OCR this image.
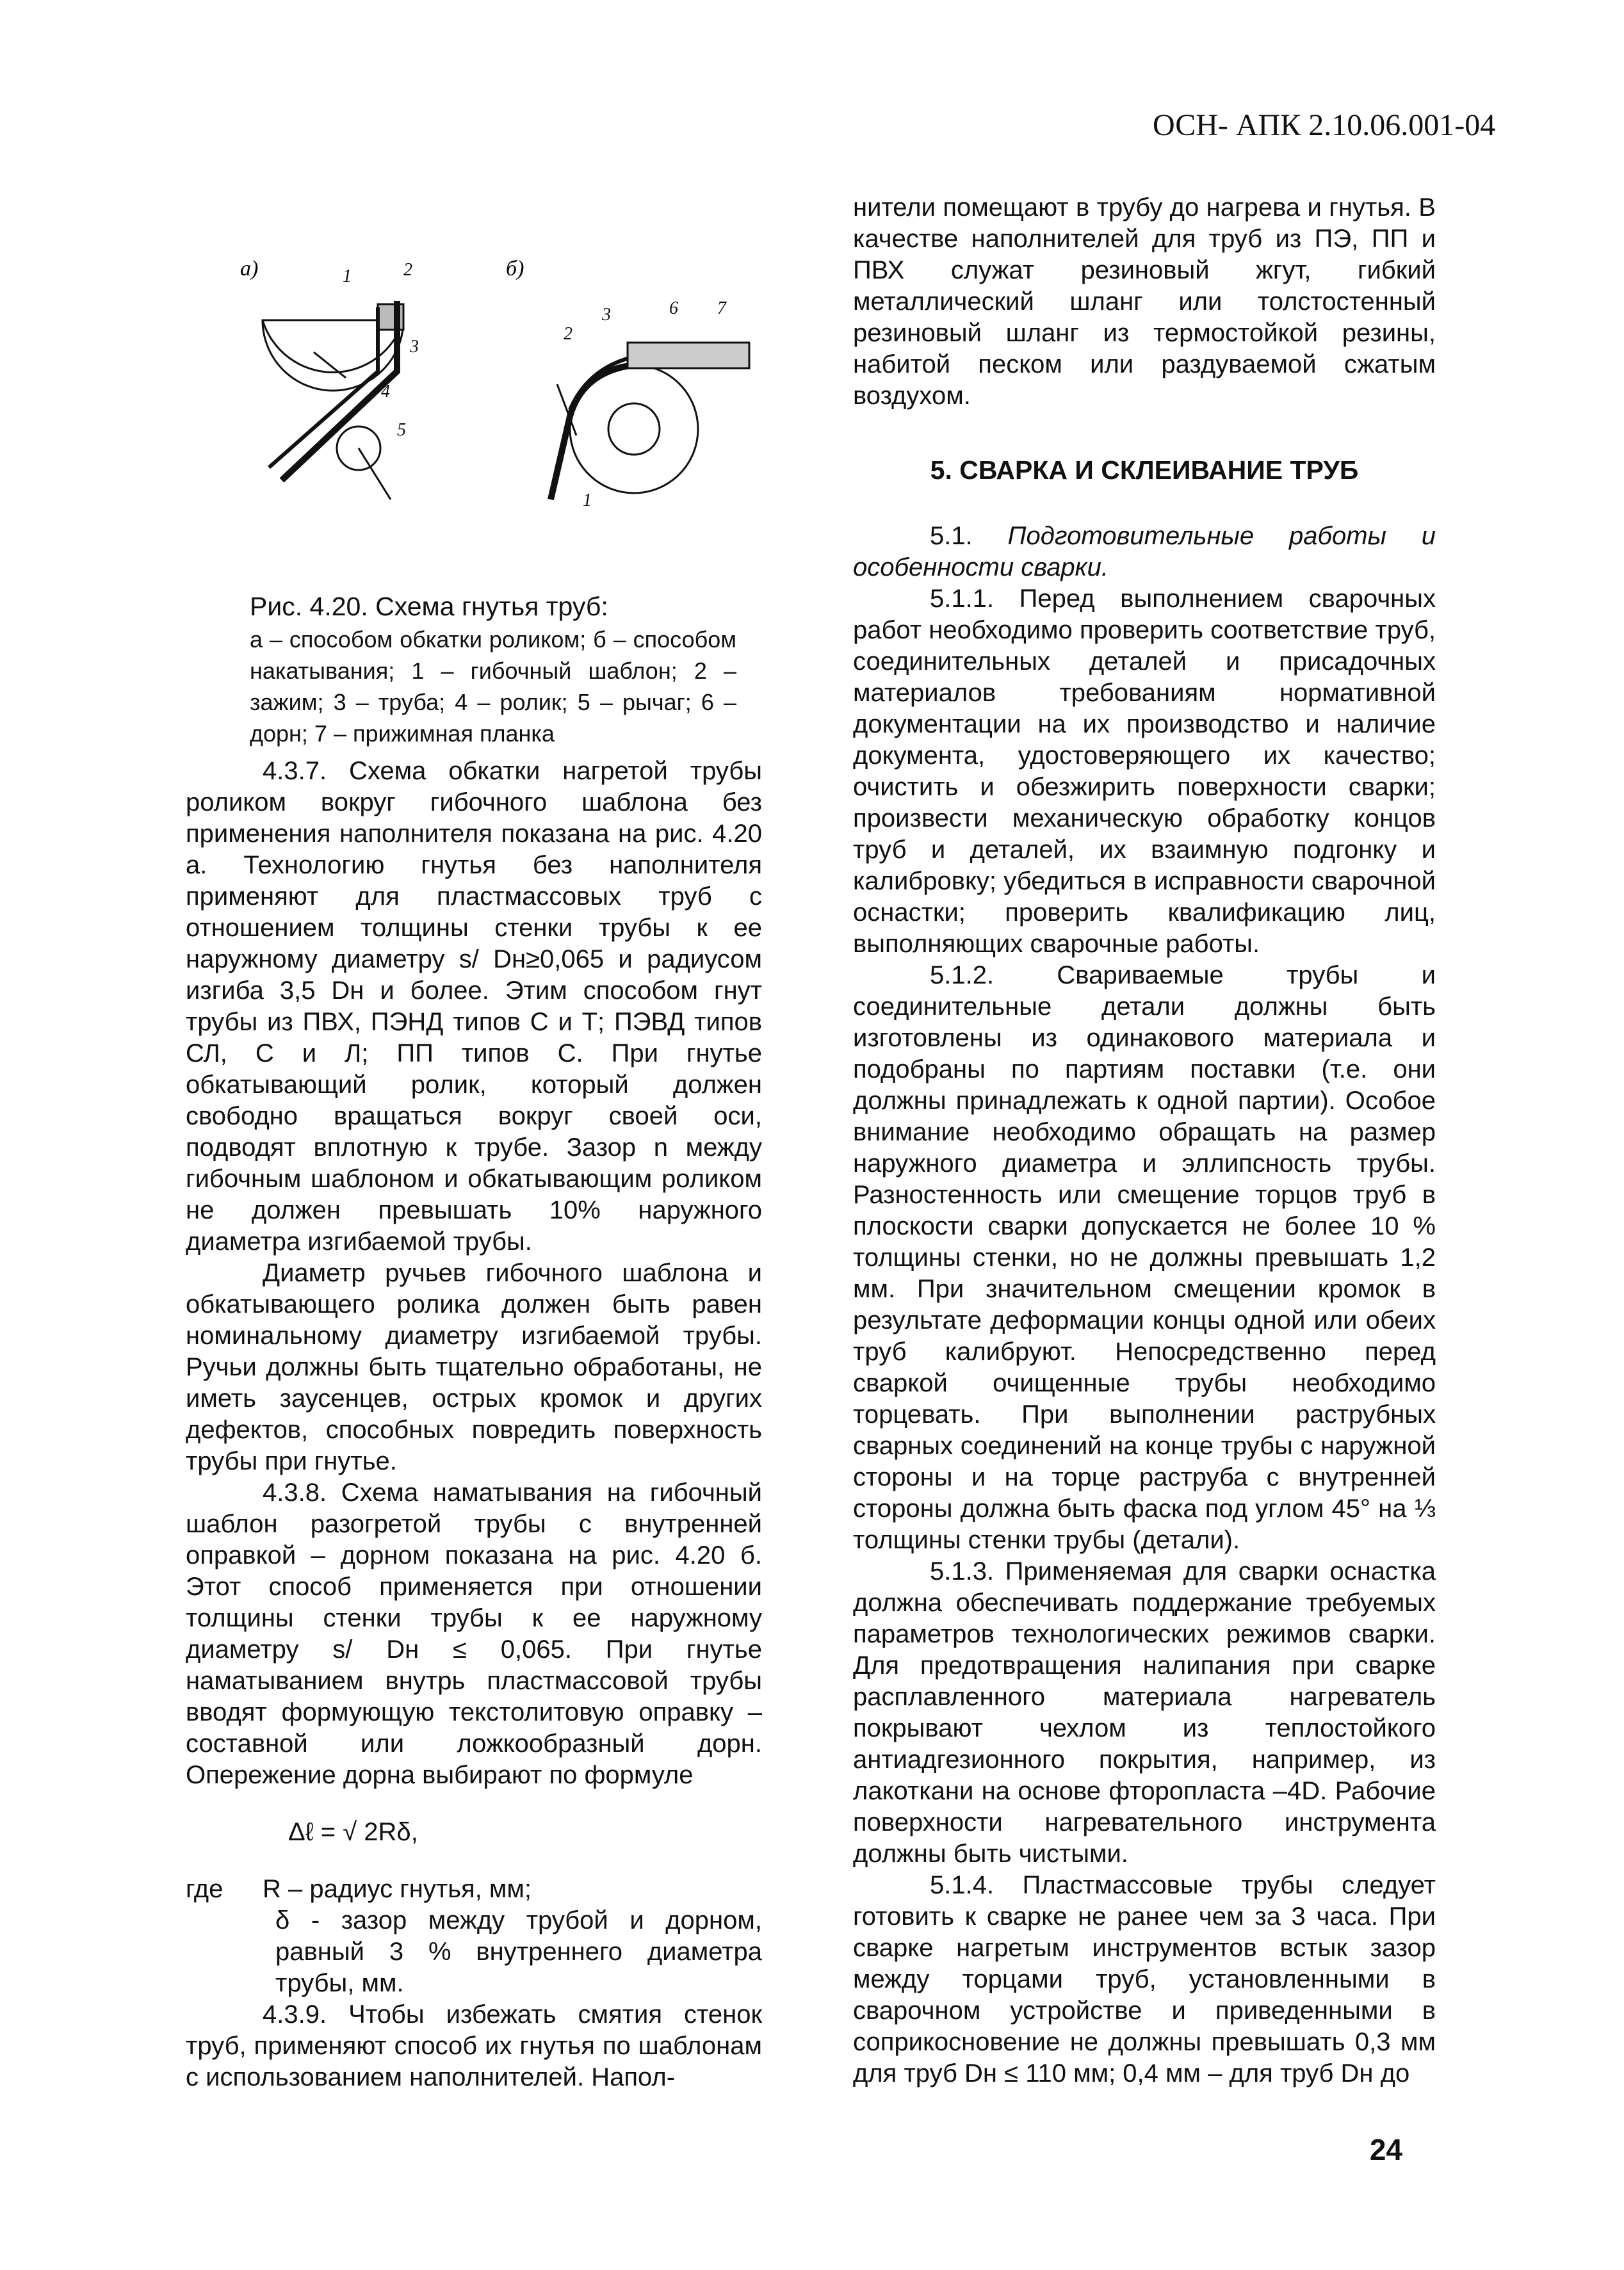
ОСН- АПК 2.10.06.001-04
а)	б)
1	2
3
4
5
2
3	6 7
1
Рис. 4.20. Схема гнутья труб:
а – способом обкатки роликом; б – способом накатывания; 1 – гибочный шаблон; 2 – зажим; 3 – труба; 4 – ролик; 5 – рычаг; 6 – дорн; 7 – прижимная планка

4.3.7. Схема обкатки нагретой трубы роликом вокруг гибочного шаблона без применения наполнителя показана на рис. 4.20 а. Технологию гнутья без наполнителя применяют для пластмассовых труб с отношением толщины стенки трубы к ее наружному диаметру s/ Dн≥0,065 и радиусом изгиба 3,5 Dн и более. Этим способом гнут трубы из ПВХ, ПЭНД типов С и Т; ПЭВД типов СЛ, С и Л; ПП типов С. При гнутье обкатывающий ролик, который должен свободно вращаться вокруг своей оси, подводят вплотную к трубе. Зазор n между гибочным шаблоном и обкатывающим роликом не должен превышать 10% наружного диаметра изгибаемой трубы.

Диаметр ручьев гибочного шаблона и обкатывающего ролика должен быть равен номинальному диаметру изгибаемой трубы. Ручьи должны быть тщательно обработаны, не иметь заусенцев, острых кромок и других дефектов, способных повредить поверхность трубы при гнутье.

4.3.8. Схема наматывания на гибочный шаблон разогретой трубы с внутренней оправкой – дорном показана на рис. 4.20 б. Этот способ применяется при отношении толщины стенки трубы к ее наружному диаметру s/ Dн ≤ 0,065. При гнутье наматыванием внутрь пластмассовой трубы вводят формующую текстолитовую оправку – составной или ложкообразный дорн. Опережение дорна выбирают по формуле

Δℓ = √ 2Rδ,
где	R – радиус гнутья, мм;

δ - зазор между трубой и дорном, равный 3 % внутреннего диаметра трубы, мм.

4.3.9. Чтобы избежать смятия стенок труб, применяют способ их гнутья по шаблонам с использованием наполнителей. Напол-

нители помещают в трубу до нагрева и гнутья. В качестве наполнителей для труб из ПЭ, ПП и ПВХ служат резиновый жгут, гибкий металлический шланг или толстостенный резиновый шланг из термостойкой резины, набитой песком или раздуваемой сжатым воздухом.

5. СВАРКА И СКЛЕИВАНИЕ ТРУБ

5.1. Подготовительные работы и особенности сварки.

5.1.1. Перед выполнением сварочных работ необходимо проверить соответствие труб, соединительных деталей и присадочных материалов требованиям нормативной документации на их производство и наличие документа, удостоверяющего их качество; очистить и обезжирить поверхности сварки; произвести механическую обработку концов труб и деталей, их взаимную подгонку и калибровку; убедиться в исправности сварочной оснастки; проверить квалификацию лиц, выполняющих сварочные работы.

5.1.2. Свариваемые трубы и соединительные детали должны быть изготовлены из одинакового материала и подобраны по партиям поставки (т.е. они должны принадлежать к одной партии). Особое внимание необходимо обращать на размер наружного диаметра и эллипсность трубы. Разностенность или смещение торцов труб в плоскости сварки допускается не более 10 % толщины стенки, но не должны превышать 1,2 мм. При значительном смещении кромок в результате деформации концы одной или обеих труб калибруют. Непосредственно перед сваркой очищенные трубы необходимо торцевать. При выполнении раструбных сварных соединений на конце трубы с наружной стороны и на торце раструба с внутренней стороны должна быть фаска под углом 45° на ⅓ толщины стенки трубы (детали).

5.1.3. Применяемая для сварки оснастка должна обеспечивать поддержание требуемых параметров технологических режимов сварки. Для предотвращения налипания при сварке расплавленного материала нагреватель покрывают чехлом из теплостойкого антиадгезионного покрытия, например, из лакоткани на основе фторопласта –4D. Рабочие поверхности нагревательного инструмента должны быть чистыми.

5.1.4. Пластмассовые трубы следует готовить к сварке не ранее чем за 3 часа. При сварке нагретым инструментов встык зазор между торцами труб, установленными в сварочном устройстве и приведенными в соприкосновение не должны превышать 0,3 мм для труб Dн ≤ 110 мм; 0,4 мм – для труб Dн до

24
